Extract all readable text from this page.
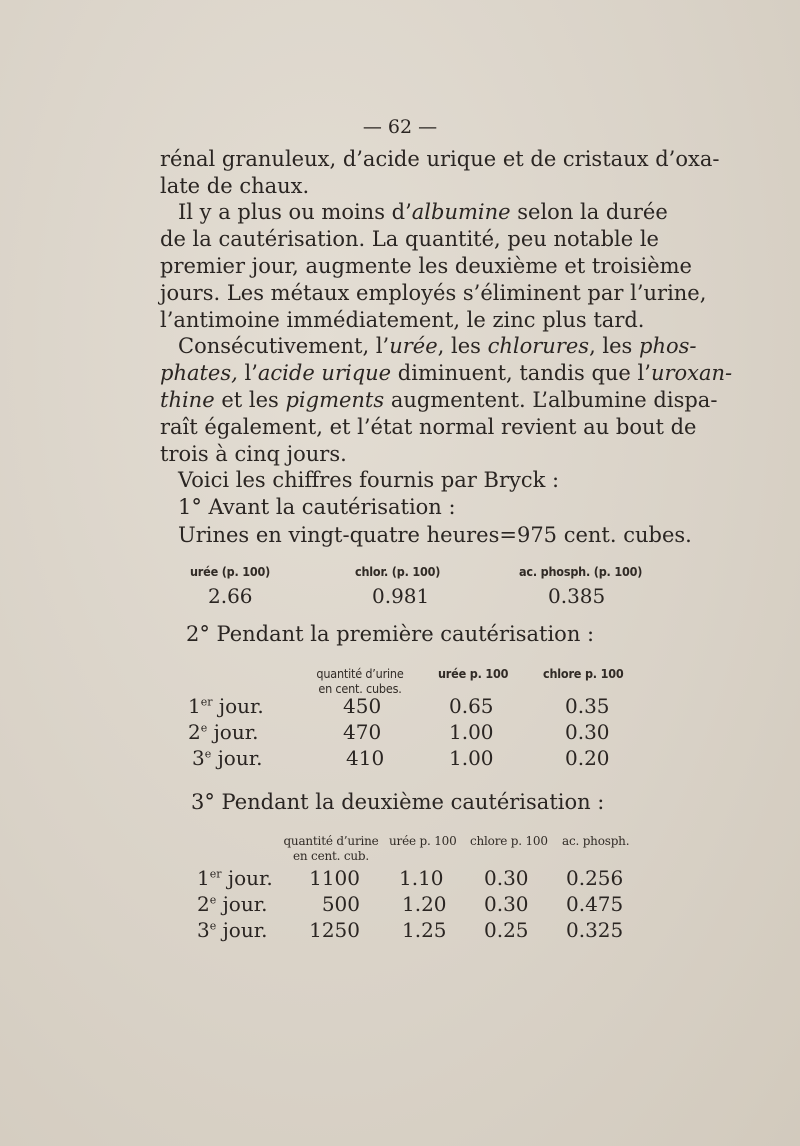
— 62 —
rénal granuleux, d’acide urique et de cristaux d’oxa-
late de chaux.
Il y a plus ou moins d’albumine selon la durée
de la cautérisation. La quantité, peu notable le
premier jour, augmente les deuxième et troisième
jours. Les métaux employés s’éliminent par l’urine,
l’antimoine immédiatement, le zinc plus tard.
Consécutivement, l’urée, les chlorures, les phos-
phates, l’acide urique diminuent, tandis que l’uroxan-
thine et les pigments augmentent. L’albumine dispa-
raît également, et l’état normal revient au bout de
trois à cinq jours.
Voici les chiffres fournis par Bryck :
1° Avant la cautérisation :
Urines en vingt-quatre heures=975 cent. cubes.
urée (p. 100)	chlor. (p. 100)	ac. phosph. (p. 100)
2.66	0.981	0.385
2° Pendant la première cautérisation :
quantité d’urine
en cent. cubes.
urée p. 100	chlore p. 100
1er jour.	450	0.65	0.35
2e jour.	470	1.00	0.30
3e jour.	410	1.00	0.20
3° Pendant la deuxième cautérisation :
quantité d’urine
en cent. cub.
urée p. 100 chlore p. 100 ac. phosph.
1er jour.	1100 1.10 0.30 0.256
2e jour.	500 1.20 0.30 0.475
3e jour.	1250 1.25 0.25 0.325
